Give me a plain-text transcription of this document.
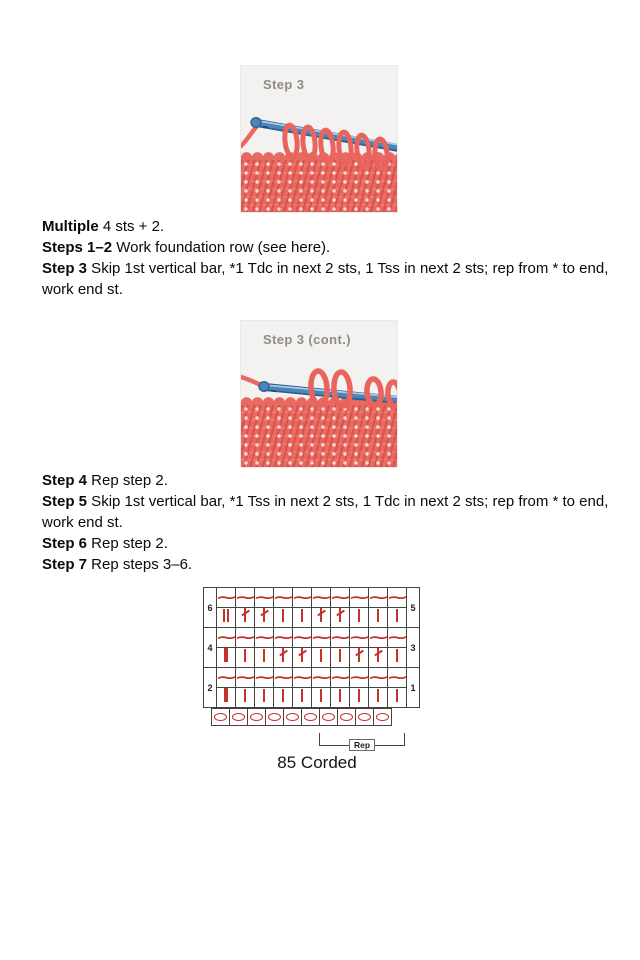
Step 3
Multiple 4 sts + 2.
Steps 1–2 Work foundation row (see here).
Step 3 Skip 1st vertical bar, *1 Tdc in next 2 sts, 1 Tss in next 2 sts; rep from * to end, work end st.
Step 3 (cont.)
Step 4 Rep step 2.
Step 5 Skip 1st vertical bar, *1 Tss in next 2 sts, 1 Tdc in next 2 sts; rep from * to end, work end st.
Step 6 Rep step 2.
Step 7 Rep steps 3–6.
6	~	~	~	~	~	~	~	~	~	~	5

4	~	~	~	~	~	~	~	~	~	~	3

2	~	~	~	~	~	~	~	~	~	~	1

Rep
85 Corded
